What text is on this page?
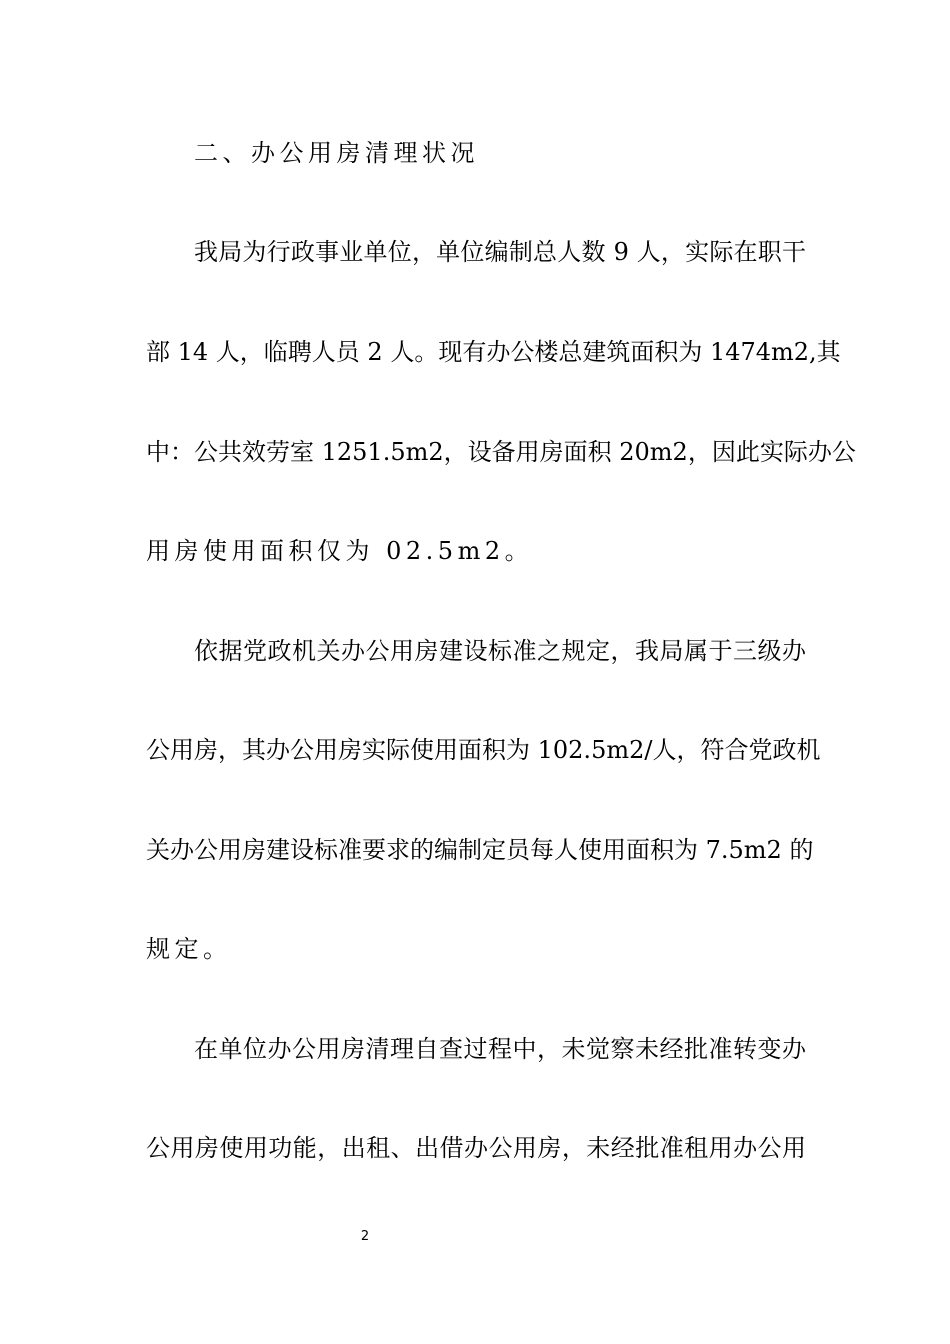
二、办公用房清理状况
我局为行政事业单位，单位编制总人数 9 人，实际在职干
部 14 人，临聘人员 2 人。现有办公楼总建筑面积为 1474m2,其
中：公共效劳室 1251.5m2，设备用房面积 20m2，因此实际办公
用房使用面积仅为 02.5m2。
依据党政机关办公用房建设标准之规定，我局属于三级办
公用房，其办公用房实际使用面积为 102.5m2/人，符合党政机
关办公用房建设标准要求的编制定员每人使用面积为 7.5m2 的
规定。
在单位办公用房清理自查过程中，未觉察未经批准转变办
公用房使用功能，出租、出借办公用房，未经批准租用办公用
2
